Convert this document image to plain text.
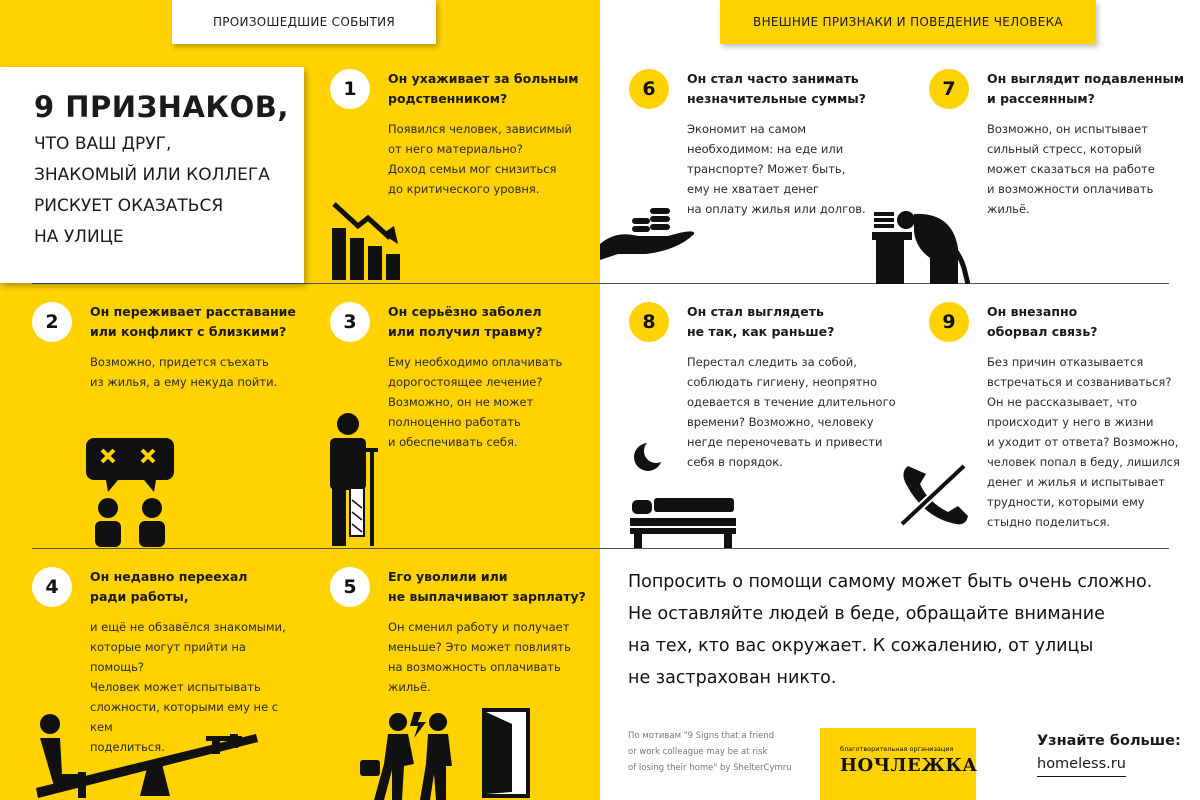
ПРОИЗОШЕДШИЕ СОБЫТИЯ	ВНЕШНИЕ ПРИЗНАКИ И ПОВЕДЕНИЕ ЧЕЛОВЕКА
9 ПРИЗНАКОВ,
ЧТО ВАШ ДРУГ,
ЗНАКОМЫЙ ИЛИ КОЛЛЕГА
РИСКУЕТ ОКАЗАТЬСЯ
НА УЛИЦЕ
1	Он ухаживает за больным
родственником?
Появился человек, зависимый
от него материально?
Доход семьи мог снизиться
до критического уровня.
2	Он переживает расставание
или конфликт с близкими?
Возможно, придется съехать
из жилья, а ему некуда пойти.
3	Он серьёзно заболел
или получил травму?
Ему необходимо оплачивать
дорогостоящее лечение?
Возможно, он не может
полноценно работать
и обеспечивать себя.
4	Он недавно переехал
ради работы,
и ещё не обзавёлся знакомыми,
которые могут прийти на помощь?
Человек может испытывать
сложности, которыми ему не с кем
поделиться.
5	Его уволили или
не выплачивают зарплату?
Он сменил работу и получает
меньше? Это может повлиять
на возможность оплачивать
жильё.
6	Он стал часто занимать
незначительные суммы?
Экономит на самом
необходимом: на еде или
транспорте? Может быть,
ему не хватает денег
на оплату жилья или долгов.
7	Он выглядит подавленным
и рассеянным?
Возможно, он испытывает
сильный стресс, который
может сказаться на работе
и возможности оплачивать
жильё.
8	Он стал выглядеть
не так, как раньше?
Перестал следить за собой,
соблюдать гигиену, неопрятно
одевается в течение длительного
времени? Возможно, человеку
негде переночевать и привести
себя в порядок.
9	Он внезапно
оборвал связь?
Без причин отказывается
встречаться и созваниваться?
Он не рассказывает, что
происходит у него в жизни
и уходит от ответа? Возможно,
человек попал в беду, лишился
денег и жилья и испытывает
трудности, которыми ему
стыдно поделиться.
Попросить о помощи самому может быть очень сложно.
Не оставляйте людей в беде, обращайте внимание
на тех, кто вас окружает. К сожалению, от улицы
не застрахован никто.
По мотивам "9 Signs that a friend
or work colleague may be at risk
of losing their home" by ShelterCymru
благотворительная организация
НОЧЛЕЖКА
Узнайте больше:
homeless.ru
